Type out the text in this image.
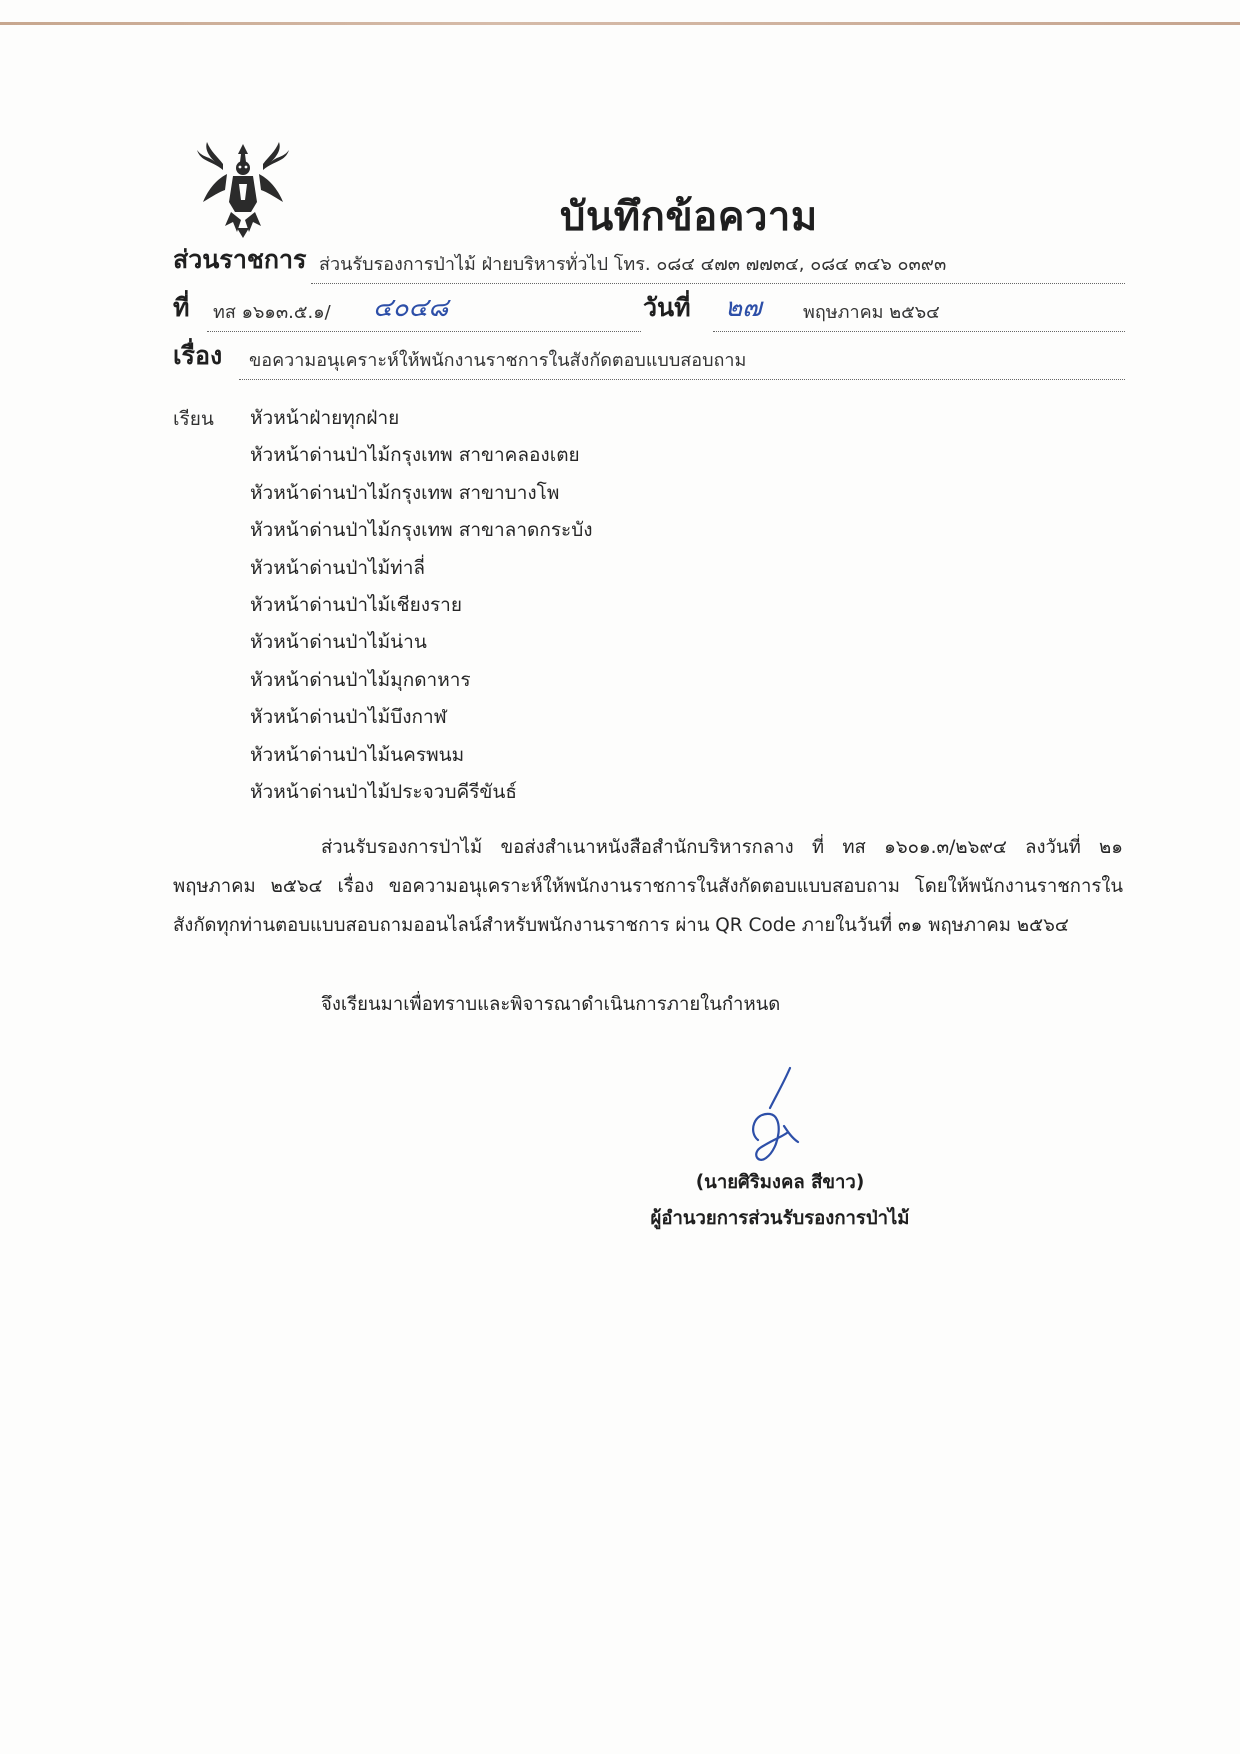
บันทึกข้อความ
ส่วนราชการ ส่วนรับรองการป่าไม้ ฝ่ายบริหารทั่วไป โทร. ๐๘๔ ๔๗๓ ๗๗๓๔, ๐๘๔ ๓๔๖ ๐๓๙๓
ที่ ทส ๑๖๑๓.๕.๑/ ๔๐๔๘	วันที่ ๒๗ พฤษภาคม ๒๕๖๔
เรื่อง ขอความอนุเคราะห์ให้พนักงานราชการในสังกัดตอบแบบสอบถาม
เรียน หัวหน้าฝ่ายทุกฝ่าย
หัวหน้าด่านป่าไม้กรุงเทพ สาขาคลองเตย
หัวหน้าด่านป่าไม้กรุงเทพ สาขาบางโพ
หัวหน้าด่านป่าไม้กรุงเทพ สาขาลาดกระบัง
หัวหน้าด่านป่าไม้ท่าลี่
หัวหน้าด่านป่าไม้เชียงราย
หัวหน้าด่านป่าไม้น่าน
หัวหน้าด่านป่าไม้มุกดาหาร
หัวหน้าด่านป่าไม้บึงกาฬ
หัวหน้าด่านป่าไม้นครพนม
หัวหน้าด่านป่าไม้ประจวบคีรีขันธ์
ส่วนรับรองการป่าไม้ ขอส่งสำเนาหนังสือสำนักบริหารกลาง ที่ ทส ๑๖๐๑.๓/๒๖๙๔ ลงวันที่ ๒๑ พฤษภาคม ๒๕๖๔ เรื่อง ขอความอนุเคราะห์ให้พนักงานราชการในสังกัดตอบแบบสอบถาม โดยให้พนักงานราชการในสังกัดทุกท่านตอบแบบสอบถามออนไลน์สำหรับพนักงานราชการ ผ่าน QR Code ภายในวันที่ ๓๑ พฤษภาคม ๒๕๖๔
จึงเรียนมาเพื่อทราบและพิจารณาดำเนินการภายในกำหนด
(นายศิริมงคล สีขาว)
ผู้อำนวยการส่วนรับรองการป่าไม้
